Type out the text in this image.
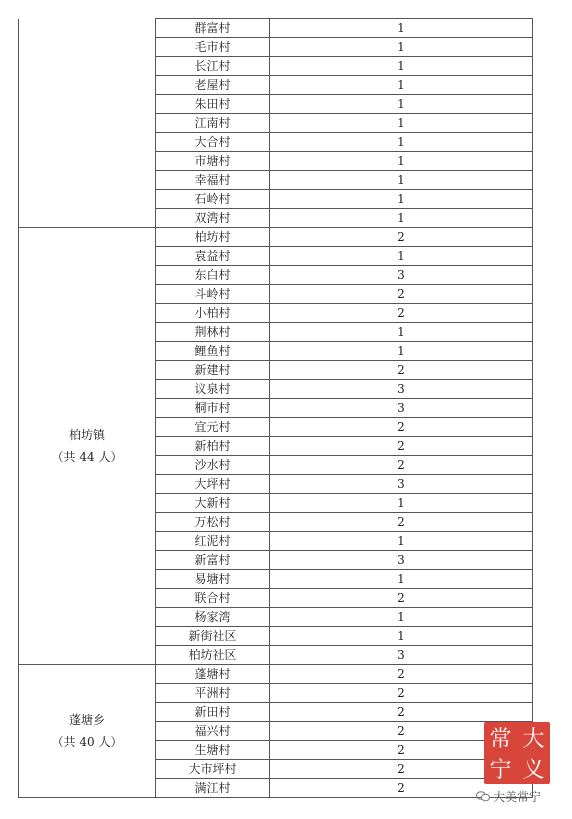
	群富村	1
	毛市村	1
	长江村	1
	老屋村	1
	朱田村	1
	江南村	1
	大合村	1
	市塘村	1
	幸福村	1
	石岭村	1
	双湾村	1

柏坊镇
（共 44 人）	柏坊村	2
	袁益村	1
	东白村	3
	斗岭村	2
	小柏村	2
	荆林村	1
	鲤鱼村	1
	新建村	2
	议泉村	3
	桐市村	3
	宜元村	2
	新柏村	2
	沙水村	2
	大坪村	3
	大新村	1
	万松村	2
	红泥村	1
	新富村	3
	易塘村	1
	联合村	2
	杨家湾	1
	新街社区	1
	柏坊社区	3

蓬塘乡
（共 40 人）	蓬塘村	2
	平洲村	2
	新田村	2
	福兴村	2
	生塘村	2
	大市坪村	2
	满江村	2
常 大
宁 义
大美常宁
